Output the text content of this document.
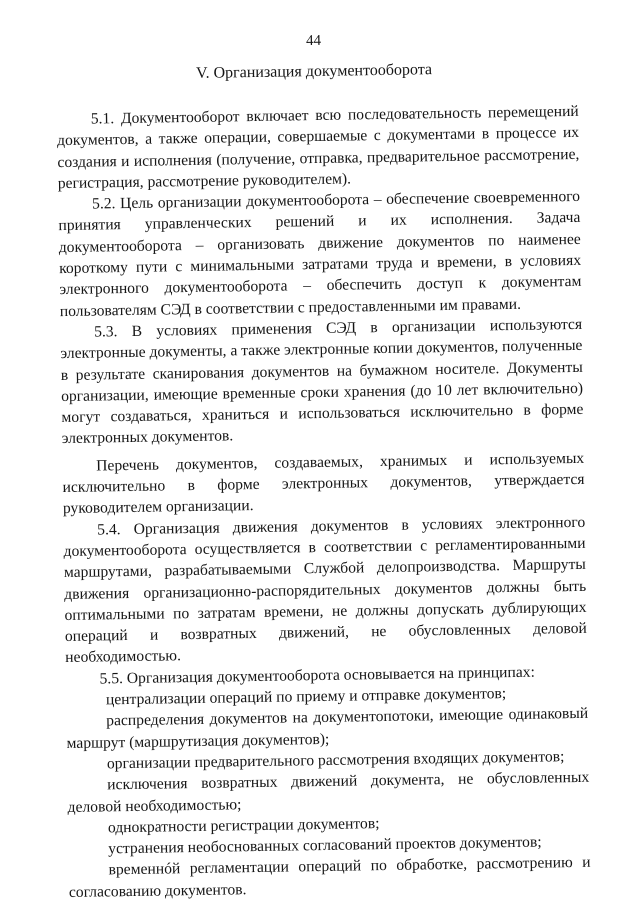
44
V. Организация документооборота

5.1. Документооборот включает всю последовательность перемещений документов, а также операции, совершаемые с документами в процессе их создания и исполнения (получение, отправка, предварительное рассмотрение, регистрация, рассмотрение руководителем).

5.2. Цель организации документооборота – обеспечение своевременного принятия управленческих решений и их исполнения. Задача документооборота – организовать движение документов по наименее короткому пути с минимальными затратами труда и времени, в условиях электронного документооборота – обеспечить доступ к документам пользователям СЭД в соответствии с предоставленными им правами.

5.3. В условиях применения СЭД в организации используются электронные документы, а также электронные копии документов, полученные в результате сканирования документов на бумажном носителе. Документы организации, имеющие временные сроки хранения (до 10 лет включительно) могут создаваться, храниться и использоваться исключительно в форме электронных документов.

Перечень документов, создаваемых, хранимых и используемых исключительно в форме электронных документов, утверждается руководителем организации.

5.4. Организация движения документов в условиях электронного документооборота осуществляется в соответствии с регламентированными маршрутами, разрабатываемыми Службой делопроизводства. Маршруты движения организационно-распорядительных документов должны быть оптимальными по затратам времени, не должны допускать дублирующих операций и возвратных движений, не обусловленных деловой необходимостью.

5.5. Организация документооборота основывается на принципах:

централизации операций по приему и отправке документов;

распределения документов на документопотоки, имеющие одинаковый маршрут (маршрутизация документов);

организации предварительного рассмотрения входящих документов;

исключения возвратных движений документа, не обусловленных деловой необходимостью;

однократности регистрации документов;

устранения необоснованных согласований проектов документов;

временнóй регламентации операций по обработке, рассмотрению и согласованию документов.
